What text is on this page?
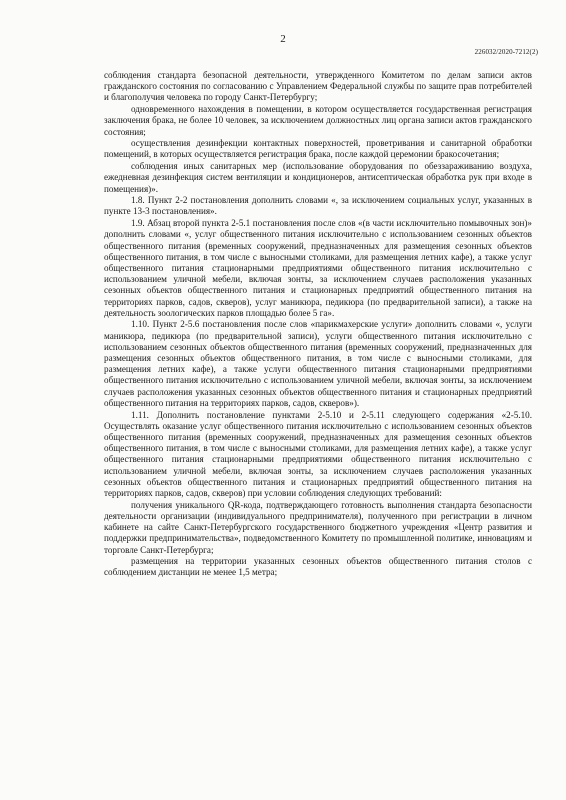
2
226032/2020-7212(2)

соблюдения стандарта безопасной деятельности, утвержденного Комитетом по делам записи актов гражданского состояния по согласованию с Управлением Федеральной службы по защите прав потребителей и благополучия человека по городу Санкт-Петербургу;

одновременного нахождения в помещении, в котором осуществляется государственная регистрация заключения брака, не более 10 человек, за исключением должностных лиц органа записи актов гражданского состояния;

осуществления дезинфекции контактных поверхностей, проветривания и санитарной обработки помещений, в которых осуществляется регистрация брака, после каждой церемонии бракосочетания;

соблюдения иных санитарных мер (использование оборудования по обеззараживанию воздуха, ежедневная дезинфекция систем вентиляции и кондиционеров, антисептическая обработка рук при входе в помещения)».

1.8. Пункт 2-2 постановления дополнить словами «, за исключением социальных услуг, указанных в пункте 13-3 постановления».

1.9. Абзац второй пункта 2-5.1 постановления после слов «(в части исключительно помывочных зон)» дополнить словами «, услуг общественного питания исключительно с использованием сезонных объектов общественного питания (временных сооружений, предназначенных для размещения сезонных объектов общественного питания, в том числе с выносными столиками, для размещения летних кафе), а также услуг общественного питания стационарными предприятиями общественного питания исключительно с использованием уличной мебели, включая зонты, за исключением случаев расположения указанных сезонных объектов общественного питания и стационарных предприятий общественного питания на территориях парков, садов, скверов), услуг маникюра, педикюра (по предварительной записи), а также на деятельность зоологических парков площадью более 5 га».

1.10. Пункт 2-5.6 постановления после слов «парикмахерские услуги» дополнить словами «, услуги маникюра, педикюра (по предварительной записи), услуги общественного питания исключительно с использованием сезонных объектов общественного питания (временных сооружений, предназначенных для размещения сезонных объектов общественного питания, в том числе с выносными столиками, для размещения летних кафе), а также услуги общественного питания стационарными предприятиями общественного питания исключительно с использованием уличной мебели, включая зонты, за исключением случаев расположения указанных сезонных объектов общественного питания и стационарных предприятий общественного питания на территориях парков, садов, скверов»).

1.11. Дополнить постановление пунктами 2-5.10 и 2-5.11 следующего содержания «2-5.10. Осуществлять оказание услуг общественного питания исключительно с использованием сезонных объектов общественного питания (временных сооружений, предназначенных для размещения сезонных объектов общественного питания, в том числе с выносными столиками, для размещения летних кафе), а также услуг общественного питания стационарными предприятиями общественного питания исключительно с использованием уличной мебели, включая зонты, за исключением случаев расположения указанных сезонных объектов общественного питания и стационарных предприятий общественного питания на территориях парков, садов, скверов) при условии соблюдения следующих требований:

получения уникального QR-кода, подтверждающего готовность выполнения стандарта безопасности деятельности организации (индивидуального предпринимателя), полученного при регистрации в личном кабинете на сайте Санкт-Петербургского государственного бюджетного учреждения «Центр развития и поддержки предпринимательства», подведомственного Комитету по промышленной политике, инновациям и торговле Санкт-Петербурга;

размещения на территории указанных сезонных объектов общественного питания столов с соблюдением дистанции не менее 1,5 метра;
